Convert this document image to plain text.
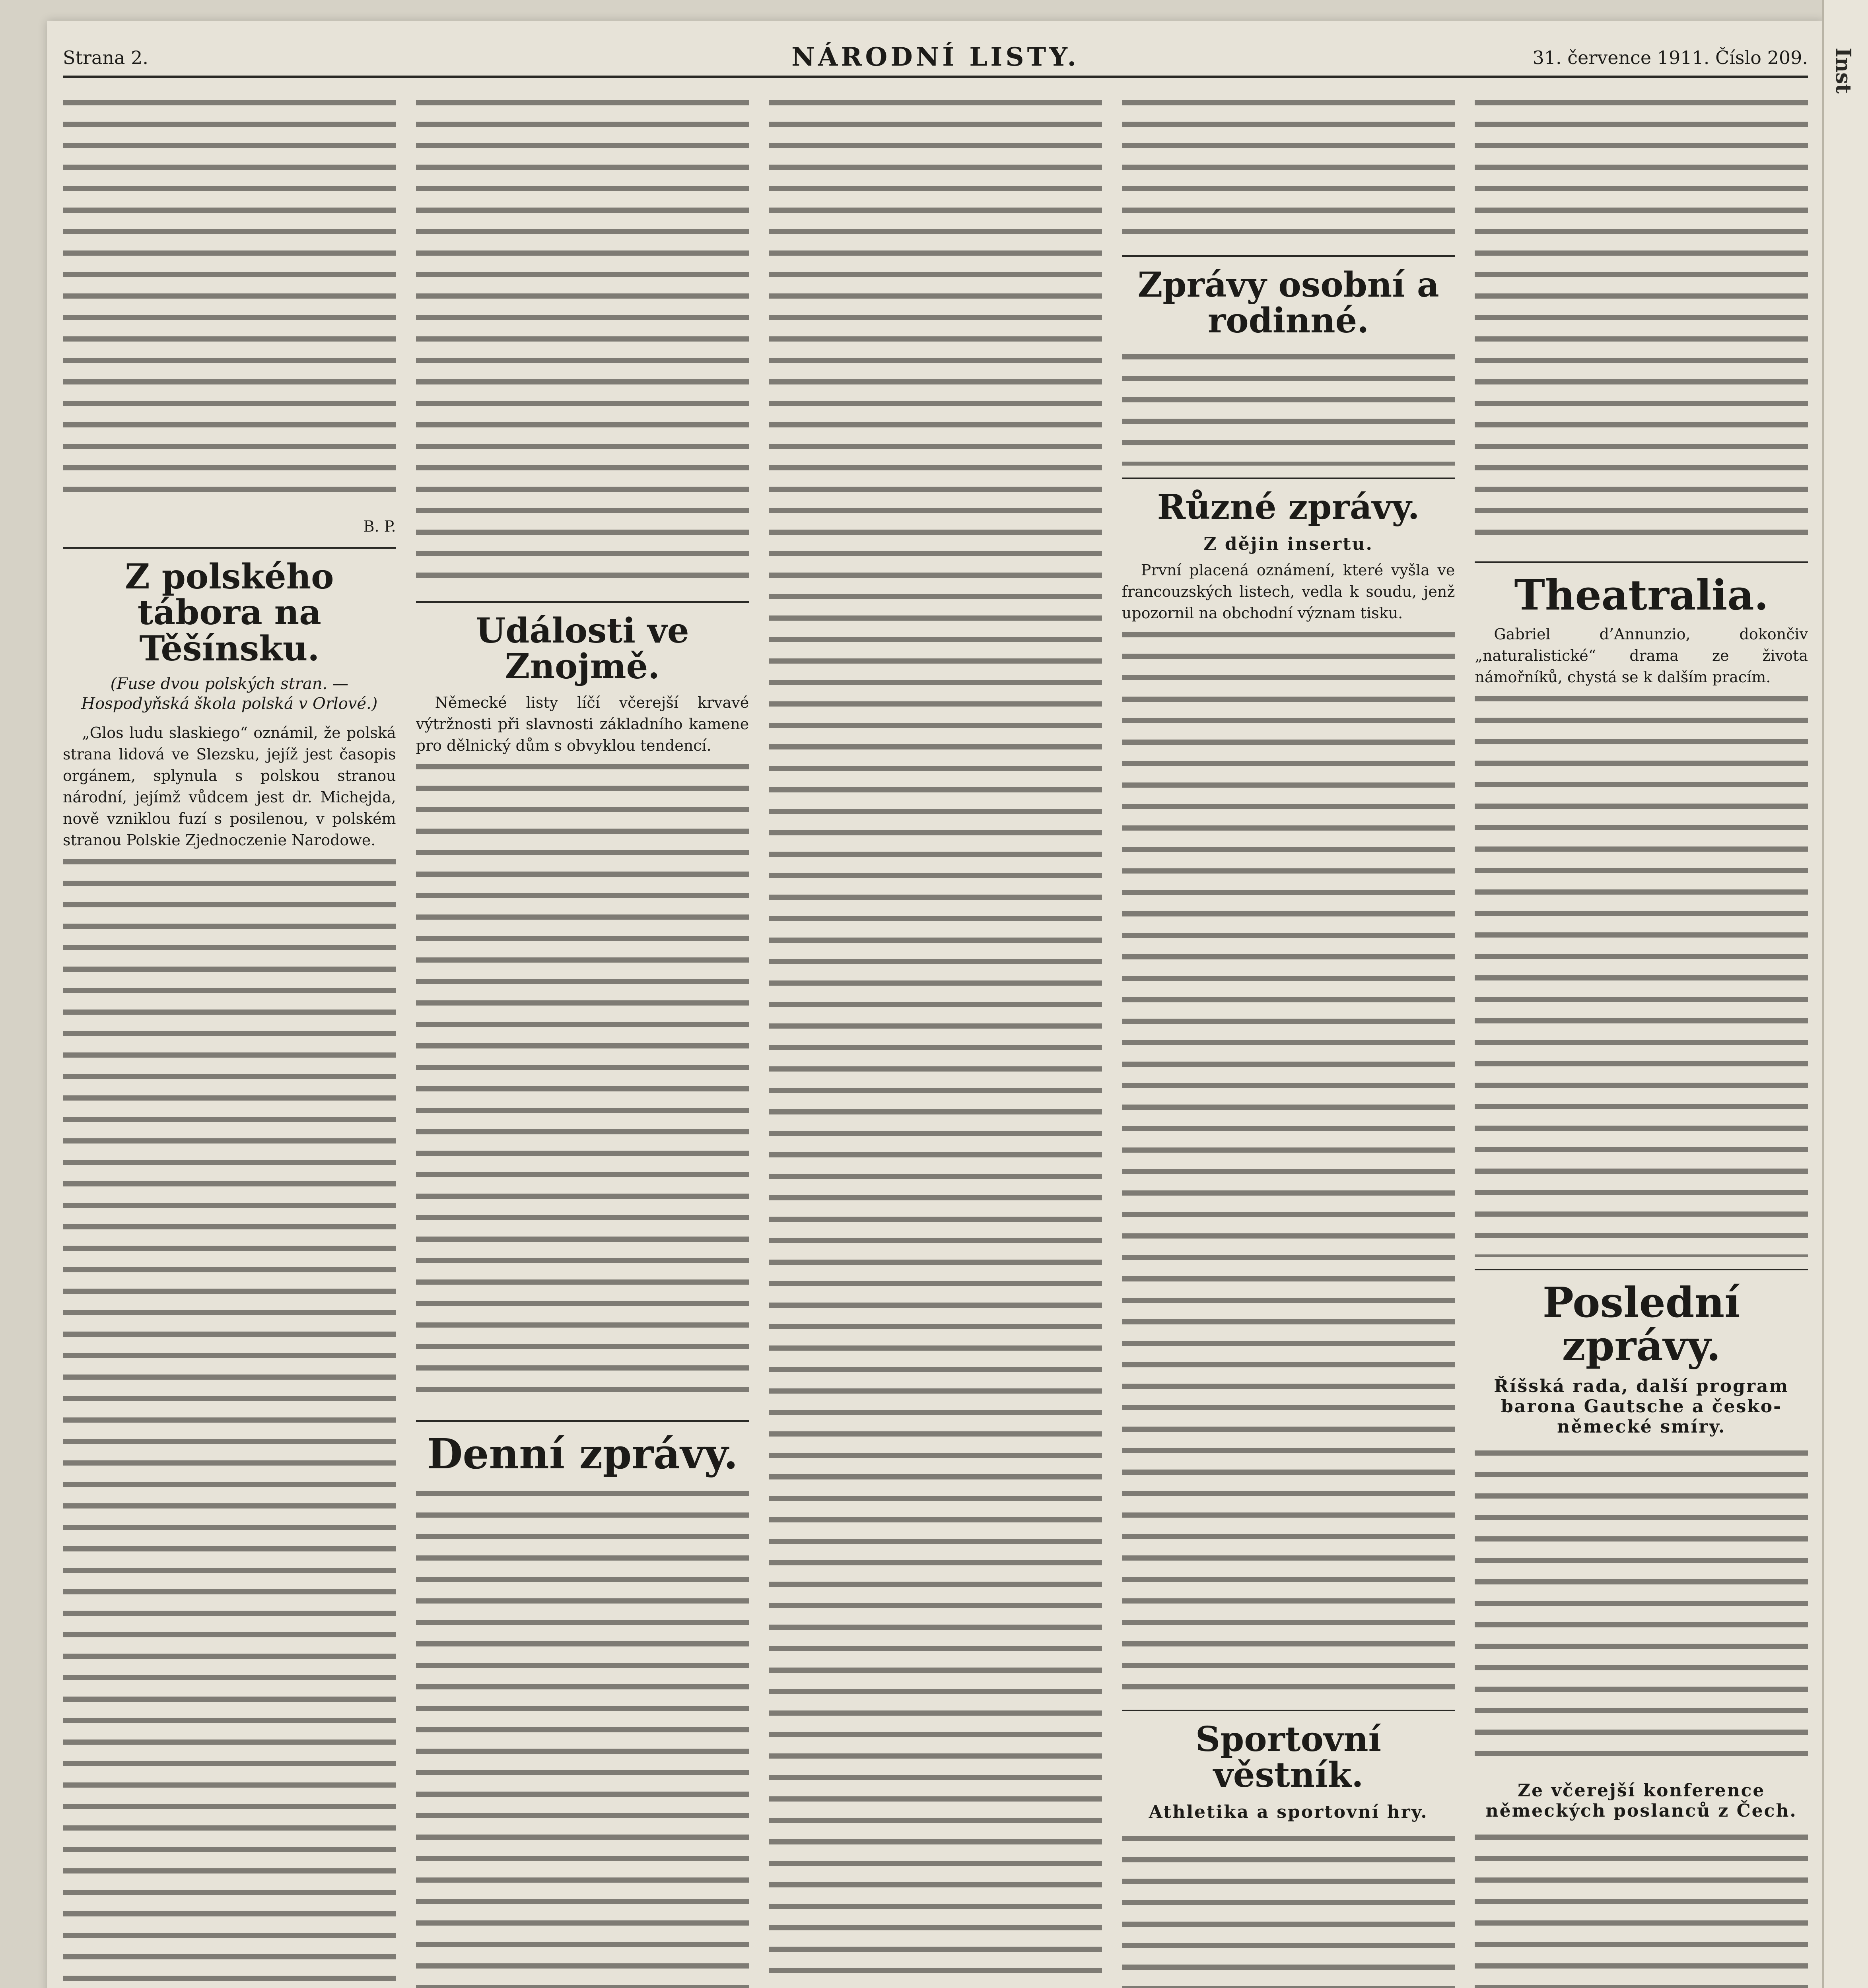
Strana 2.	NÁRODNÍ LISTY.	31. července 1911. Číslo 209.
B. P.
Z polského tábora na Těšínsku.
(Fuse dvou polských stran. — Hospodyňská škola polská v Orlové.)

„Glos ludu slaskiego“ oznámil, že polská strana lidová ve Slezsku, jejíž jest časopis orgánem, splynula s polskou stranou národní, jejímž vůdcem jest dr. Michejda, nově vzniklou fuzí s posilenou, v polském stranou Polskie Zjednoczenie Narodowe.

Události ve Znojmě.

Německé listy líčí včerejší krvavé výtržnosti při slavnosti základního kamene pro dělnický dům s obvyklou tendencí.

Denní zprávy.
Zprávy osobní a rodinné.
Různé zprávy.
Z dějin insertu.

První placená oznámení, které vyšla ve francouzských listech, vedla k soudu, jenž upozornil na obchodní význam tisku.

Sportovní věstník.
Athletika a sportovní hry.
Theatralia.

Gabriel d’Annunzio, dokončiv „naturalistické“ drama ze života námořníků, chystá se k dalším pracím.

Poslední zprávy.
Říšská rada, další program barona Gautsche a česko-německé smíry.
Ze včerejší konference německých poslanců z Čech.
Inst
